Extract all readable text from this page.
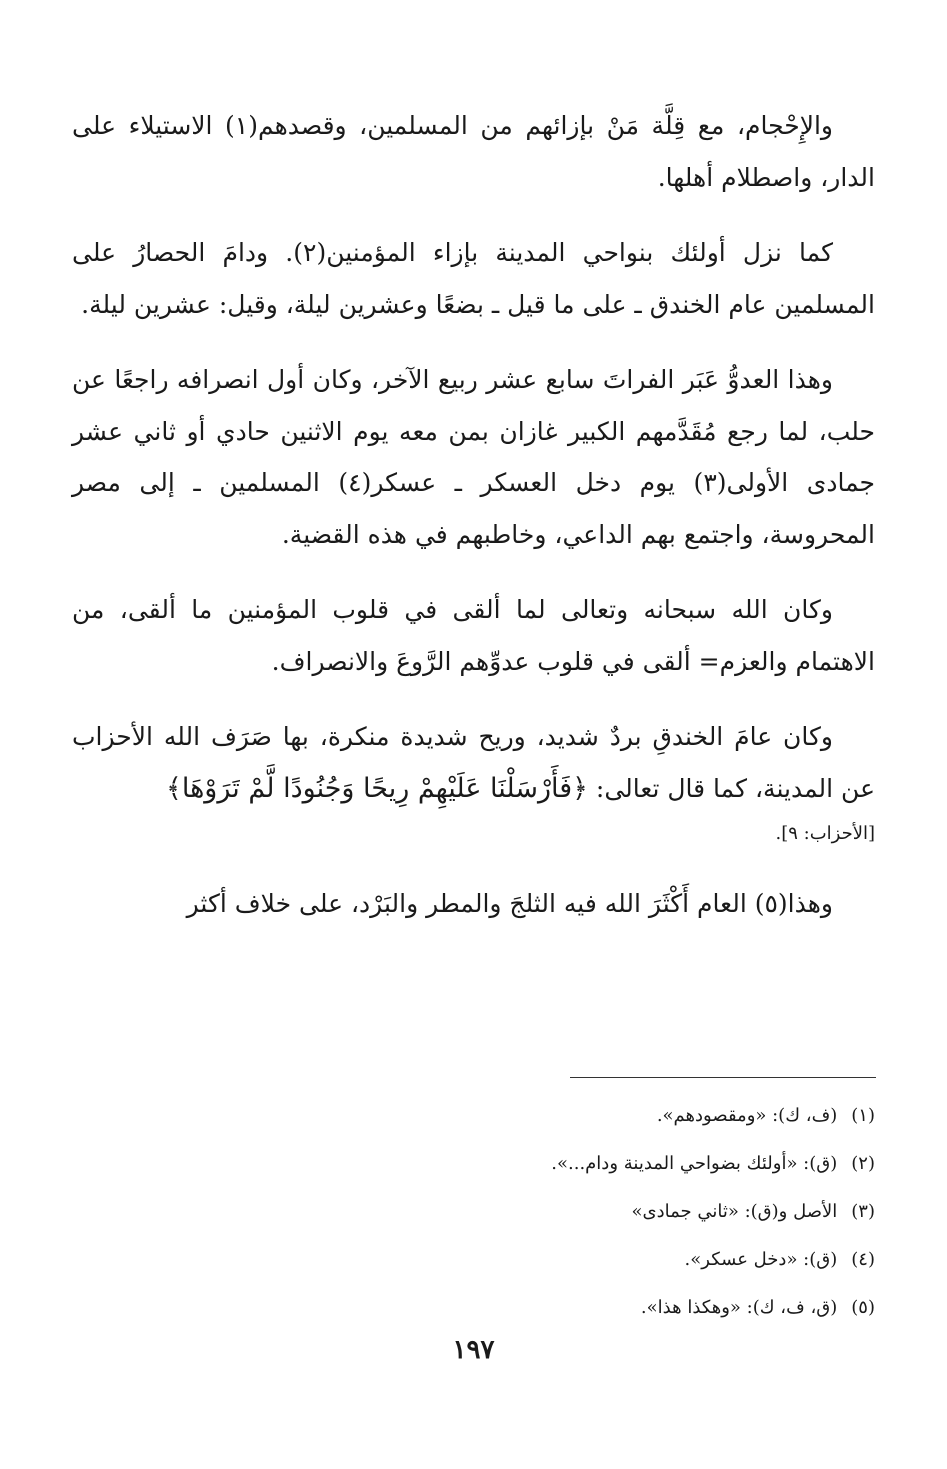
والإِحْجام، مع قِلَّة مَنْ بإزائهم من المسلمين، وقصدهم(١) الاستيلاء على الدار، واصطلام أهلها.

كما نزل أولئك بنواحي المدينة بإزاء المؤمنين(٢). ودامَ الحصارُ على المسلمين عام الخندق ـ على ما قيل ـ بضعًا وعشرين ليلة، وقيل: عشرين ليلة.

وهذا العدوُّ عَبَر الفراتَ سابع عشر ربيع الآخر، وكان أول انصرافه راجعًا عن حلب، لما رجع مُقَدَّمهم الكبير غازان بمن معه يوم الاثنين حادي أو ثاني عشر جمادى الأولى(٣) يوم دخل العسكر ـ عسكر(٤) المسلمين ـ إلى مصر المحروسة، واجتمع بهم الداعي، وخاطبهم في هذه القضية.

وكان الله سبحانه وتعالى لما ألقى في قلوب المؤمنين ما ألقى، من الاهتمام والعزم= ألقى في قلوب عدوِّهم الرَّوعَ والانصراف.

وكان عامَ الخندقِ بردٌ شديد، وريح شديدة منكرة، بها صَرَف الله الأحزاب عن المدينة، كما قال تعالى: ﴿فَأَرْسَلْنَا عَلَيْهِمْ رِيحًا وَجُنُودًا لَّمْ تَرَوْهَا﴾
[الأحزاب: ٩].

وهذا(٥) العام أَكْثَرَ الله فيه الثلجَ والمطر والبَرْد، على خلاف أكثر

(١)(ف، ك): «ومقصودهم».

(٢)(ق): «أولئك بضواحي المدينة ودام...».

(٣)الأصل و(ق): «ثاني جمادى»

(٤)(ق): «دخل عسكر».

(٥)(ق، ف، ك): «وهكذا هذا».

١٩٧
